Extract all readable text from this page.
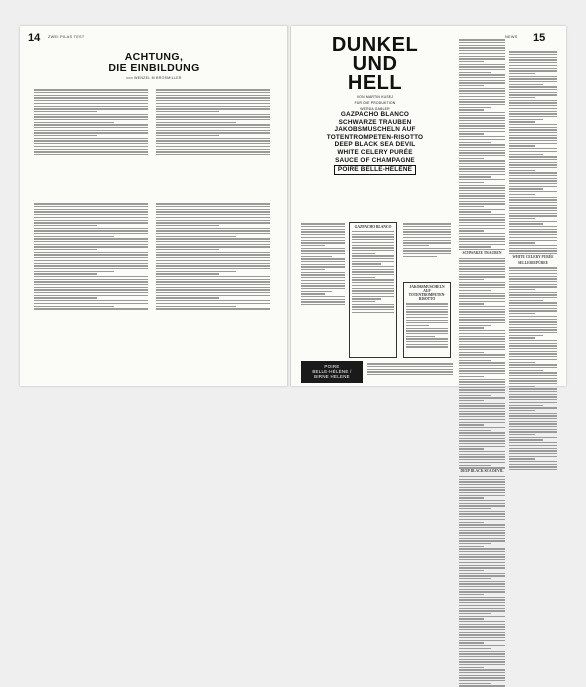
14 ZWEI PILAS TEST
ACHTUNG,
DIE EINBILDUNG
von WENZEL M BROSMILLER
NEWS 15
DUNKEL
UND
HELL
VON MARTIN KUSEJ
FÜR DIE PRODUKTION
WERDA GABLER
GAZPACHO BLANCO
SCHWARZE TRAUBEN
JAKOBSMUSCHELN AUF
TOTENTROMPETEN-RISOTTO
DEEP BLACK SEA DEVIL
WHITE CELERY PURÉE
SAUCE OF CHAMPAGNE
POIRE BELLE-HÉLÈNE
GAZPACHO BLANCO
JAKOBSMUSCHELN AUF TOTENTROMPETEN-RISOTTO
POIRE
BELLE-HÉLÈNE /
BIRNE HELENE
SCHWARZE TRAUBEN
DEEP BLACK SEA DEVIL
WHITE CELERY PURÉE
SELLERIEPÜREE
